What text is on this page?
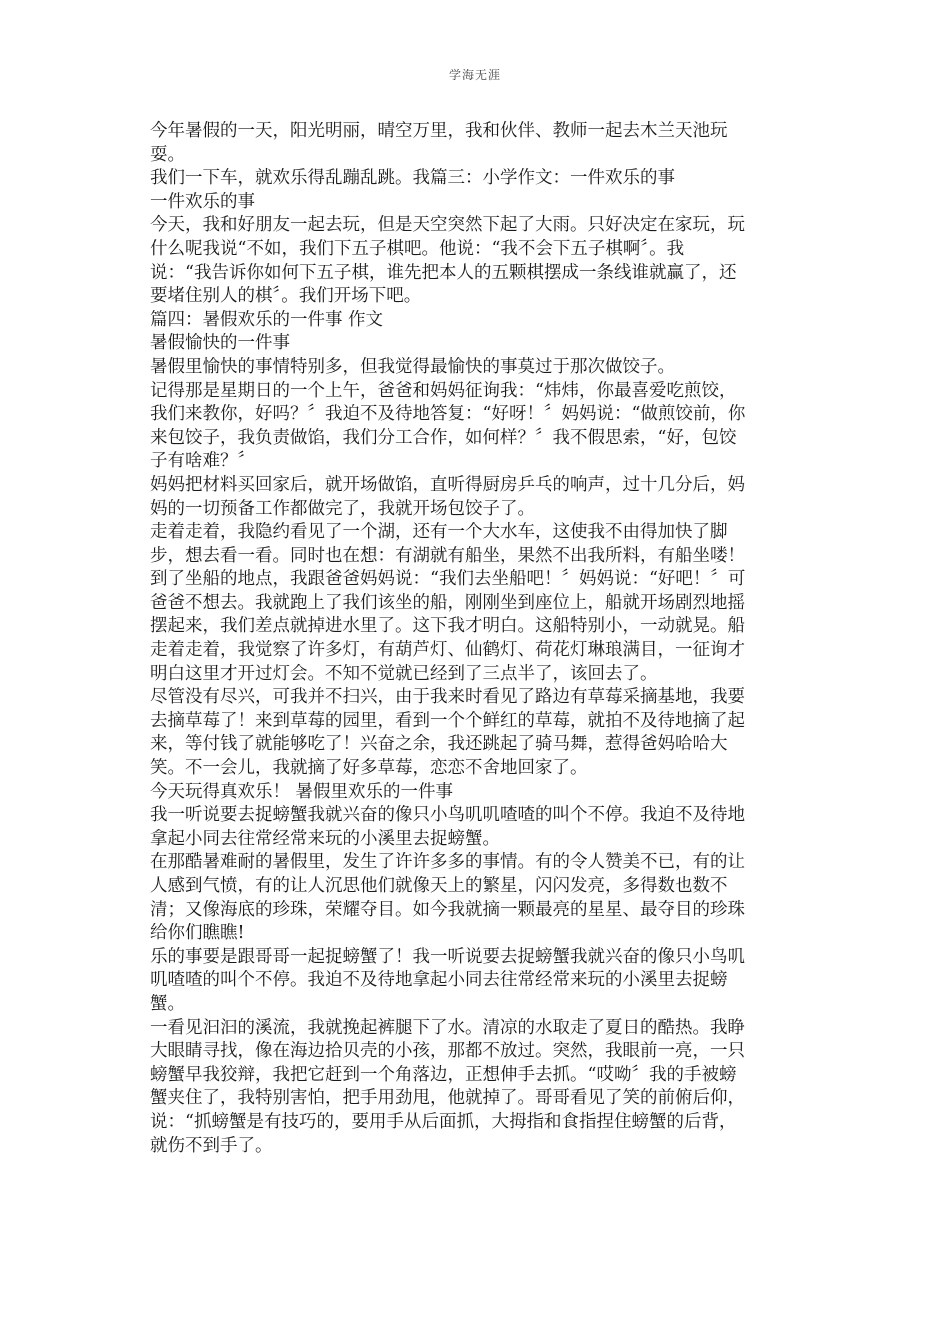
学海无涯
今年暑假的一天，阳光明丽，晴空万里，我和伙伴、教师一起去木兰天池玩
耍。
我们一下车，就欢乐得乱蹦乱跳。我篇三：小学作文：一件欢乐的事
一件欢乐的事
今天，我和好朋友一起去玩，但是天空突然下起了大雨。只好决定在家玩，玩
什么呢我说“不如，我们下五子棋吧。他说：“我不会下五子棋啊〞。我
说：“我告诉你如何下五子棋，谁先把本人的五颗棋摆成一条线谁就赢了，还
要堵住别人的棋〞。我们开场下吧。
篇四：暑假欢乐的一件事 作文
暑假愉快的一件事
暑假里愉快的事情特别多，但我觉得最愉快的事莫过于那次做饺子。
记得那是星期日的一个上午，爸爸和妈妈征询我：“炜炜，你最喜爱吃煎饺，
我们来教你，好吗？〞我迫不及待地答复：“好呀！〞妈妈说：“做煎饺前，你
来包饺子，我负责做馅，我们分工合作，如何样？〞我不假思索，“好，包饺
子有啥难？〞
妈妈把材料买回家后，就开场做馅，直听得厨房乒乓的响声，过十几分后，妈
妈的一切预备工作都做完了，我就开场包饺子了。
走着走着，我隐约看见了一个湖，还有一个大水车，这使我不由得加快了脚
步，想去看一看。同时也在想：有湖就有船坐，果然不出我所料，有船坐喽！
到了坐船的地点，我跟爸爸妈妈说：“我们去坐船吧！〞妈妈说：“好吧！〞可
爸爸不想去。我就跑上了我们该坐的船，刚刚坐到座位上，船就开场剧烈地摇
摆起来，我们差点就掉进水里了。这下我才明白。这船特别小，一动就晃。船
走着走着，我觉察了许多灯，有葫芦灯、仙鹤灯、荷花灯琳琅满目，一征询才
明白这里才开过灯会。不知不觉就已经到了三点半了，该回去了。
尽管没有尽兴，可我并不扫兴，由于我来时看见了路边有草莓采摘基地，我要
去摘草莓了！来到草莓的园里，看到一个个鲜红的草莓，就拍不及待地摘了起
来，等付钱了就能够吃了！兴奋之余，我还跳起了骑马舞，惹得爸妈哈哈大
笑。不一会儿，我就摘了好多草莓，恋恋不舍地回家了。
今天玩得真欢乐！ 暑假里欢乐的一件事
我一听说要去捉螃蟹我就兴奋的像只小鸟叽叽喳喳的叫个不停。我迫不及待地
拿起小同去往常经常来玩的小溪里去捉螃蟹。
在那酷暑难耐的暑假里，发生了许许多多的事情。有的令人赞美不已，有的让
人感到气愤，有的让人沉思他们就像天上的繁星，闪闪发亮，多得数也数不
清；又像海底的珍珠，荣耀夺目。如今我就摘一颗最亮的星星、最夺目的珍珠
给你们瞧瞧!
乐的事要是跟哥哥一起捉螃蟹了！我一听说要去捉螃蟹我就兴奋的像只小鸟叽
叽喳喳的叫个不停。我迫不及待地拿起小同去往常经常来玩的小溪里去捉螃
蟹。
一看见汩汩的溪流，我就挽起裤腿下了水。清凉的水取走了夏日的酷热。我睁
大眼睛寻找，像在海边拾贝壳的小孩，那都不放过。突然，我眼前一亮，一只
螃蟹早我狡辩，我把它赶到一个角落边，正想伸手去抓。“哎呦〞我的手被螃
蟹夹住了，我特别害怕，把手用劲甩，他就掉了。哥哥看见了笑的前俯后仰，
说：“抓螃蟹是有技巧的，要用手从后面抓，大拇指和食指捏住螃蟹的后背，
就伤不到手了。
